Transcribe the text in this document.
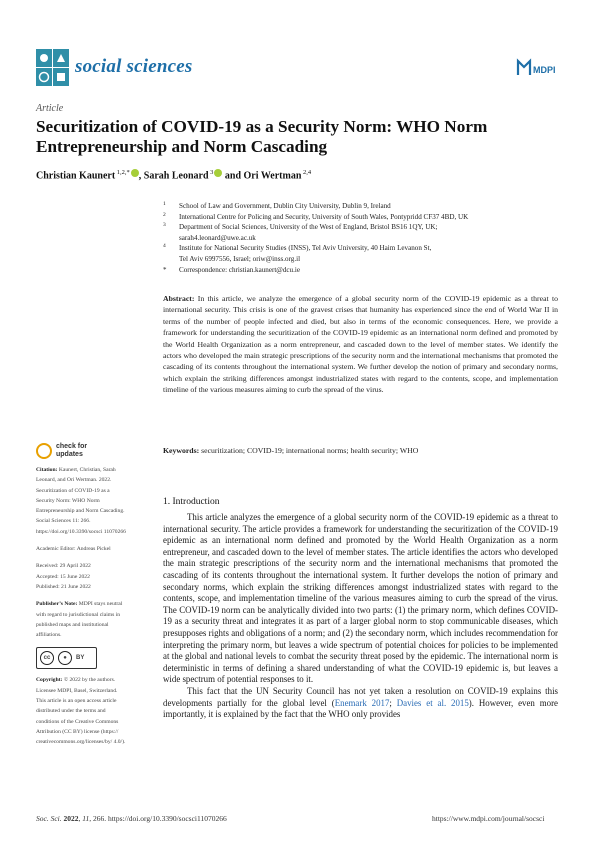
social sciences	MDPI
Article
Securitization of COVID-19 as a Security Norm: WHO Norm Entrepreneurship and Norm Cascading
Christian Kaunert $^{1,2,*}$ , Sarah Leonard $^3$ and Ori Wertman $^{2,4}$
1 School of Law and Government, Dublin City University, Dublin 9, Ireland
2 International Centre for Policing and Security, University of South Wales, Pontypridd CF37 4BD, UK
3 Department of Social Sciences, University of the West of England, Bristol BS16 1QY, UK;
sarah4.leonard@uwe.ac.uk
4 Institute for National Security Studies (INSS), Tel Aviv University, 40 Haim Levanon St,
Tel Aviv 6997556, Israel; oriw@inss.org.il
* Correspondence: christian.kaunert@dcu.ie
Abstract: In this article, we analyze the emergence of a global security norm of the COVID-19 epidemic as a threat to international security. This crisis is one of the gravest crises that humanity has experienced since the end of World War II in terms of the number of people infected and died, but also in terms of the economic consequences. Here, we provide a framework for understanding the securitization of the COVID-19 epidemic as an international norm defined and promoted by the World Health Organization as a norm entrepreneur, and cascaded down to the level of member states. We identify the actors who developed the main strategic prescriptions of the security norm and the international mechanisms that promoted the cascading of its contents throughout the international system. We further develop the notion of primary and secondary norms, which explain the striking differences amongst industrialized states with regard to the contents, scope, and implementation timeline of the various measures aiming to curb the spread of the virus.
Keywords: securitization; COVID-19; international norms; health security; WHO
check for
updates
Citation: Kaunert, Christian, Sarah Leonard, and Ori Wertman. 2022. Securitization of COVID-19 as a Security Norm: WHO Norm Entrepreneurship and Norm Cascading. Social Sciences 11: 266. https://doi.org/10.3390/socsci 11070266
Academic Editor: Andreas Pickel
Received: 29 April 2022
Accepted: 15 June 2022
Published: 21 June 2022
Publisher’s Note: MDPI stays neutral with regard to jurisdictional claims in published maps and institutional affiliations.
cc	●	BY
Copyright: © 2022 by the authors. Licensee MDPI, Basel, Switzerland. This article is an open access article distributed under the terms and conditions of the Creative Commons Attribution (CC BY) license (https:// creativecommons.org/licenses/by/ 4.0/).
1. Introduction

This article analyzes the emergence of a global security norm of the COVID-19 epidemic as a threat to international security. The article provides a framework for understanding the securitization of the COVID-19 epidemic as an international norm defined and promoted by the World Health Organization as a norm entrepreneur, and cascaded down to the level of member states. The article identifies the actors who developed the main strategic prescriptions of the security norm and the international mechanisms that promoted the cascading of its contents throughout the international system. It further develops the notion of primary and secondary norms, which explain the striking differences amongst industrialized states with regard to the contents, scope, and implementation timeline of the various measures aiming to curb the spread of the virus. The COVID-19 norm can be analytically divided into two parts: (1) the primary norm, which defines COVID-19 as a security threat and integrates it as part of a larger global norm to stop communicable diseases, which presupposes rights and obligations of a norm; and (2) the secondary norm, which includes recommendation for interpreting the primary norm, but leaves a wide spectrum of potential choices for policies to be implemented at the global and national levels to combat the security threat posed by the epidemic. The international norm is deterministic in terms of defining a shared understanding of what the COVID-19 epidemic is, but leaves a wide spectrum of potential responses to it.

This fact that the UN Security Council has not yet taken a resolution on COVID-19 explains this developments partially for the global level (Enemark 2017; Davies et al. 2015). However, even more importantly, it is explained by the fact that the WHO only provides

Soc. Sci. 2022, 11, 266. https://doi.org/10.3390/socsci11070266	https://www.mdpi.com/journal/socsci
